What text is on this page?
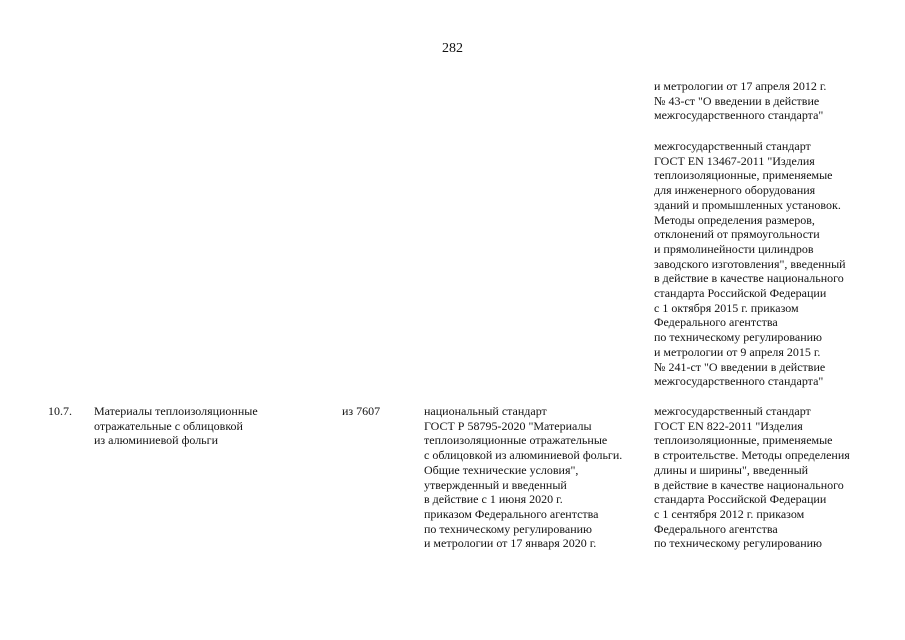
282

и метрологии от 17 апреля 2012 г.
№ 43-ст "О введении в действие
межгосударственного стандарта"

межгосударственный стандарт
ГОСТ EN 13467-2011 "Изделия
теплоизоляционные, применяемые
для инженерного оборудования
зданий и промышленных установок.
Методы определения размеров,
отклонений от прямоугольности
и прямолинейности цилиндров
заводского изготовления", введенный
в действие в качестве национального
стандарта Российской Федерации
с 1 октября 2015 г. приказом
Федерального агентства
по техническому регулированию
и метрологии от 9 апреля 2015 г.
№ 241-ст "О введении в действие
межгосударственного стандарта"

10.7. Материалы теплоизоляционные
отражательные с облицовкой
из алюминиевой фольги

из 7607	национальный стандарт
ГОСТ Р 58795-2020 "Материалы
теплоизоляционные отражательные
с облицовкой из алюминиевой фольги.
Общие технические условия",
утвержденный и введенный
в действие с 1 июня 2020 г.
приказом Федерального агентства
по техническому регулированию
и метрологии от 17 января 2020 г.

межгосударственный стандарт
ГОСТ EN 822-2011 "Изделия
теплоизоляционные, применяемые
в строительстве. Методы определения
длины и ширины", введенный
в действие в качестве национального
стандарта Российской Федерации
с 1 сентября 2012 г. приказом
Федерального агентства
по техническому регулированию
